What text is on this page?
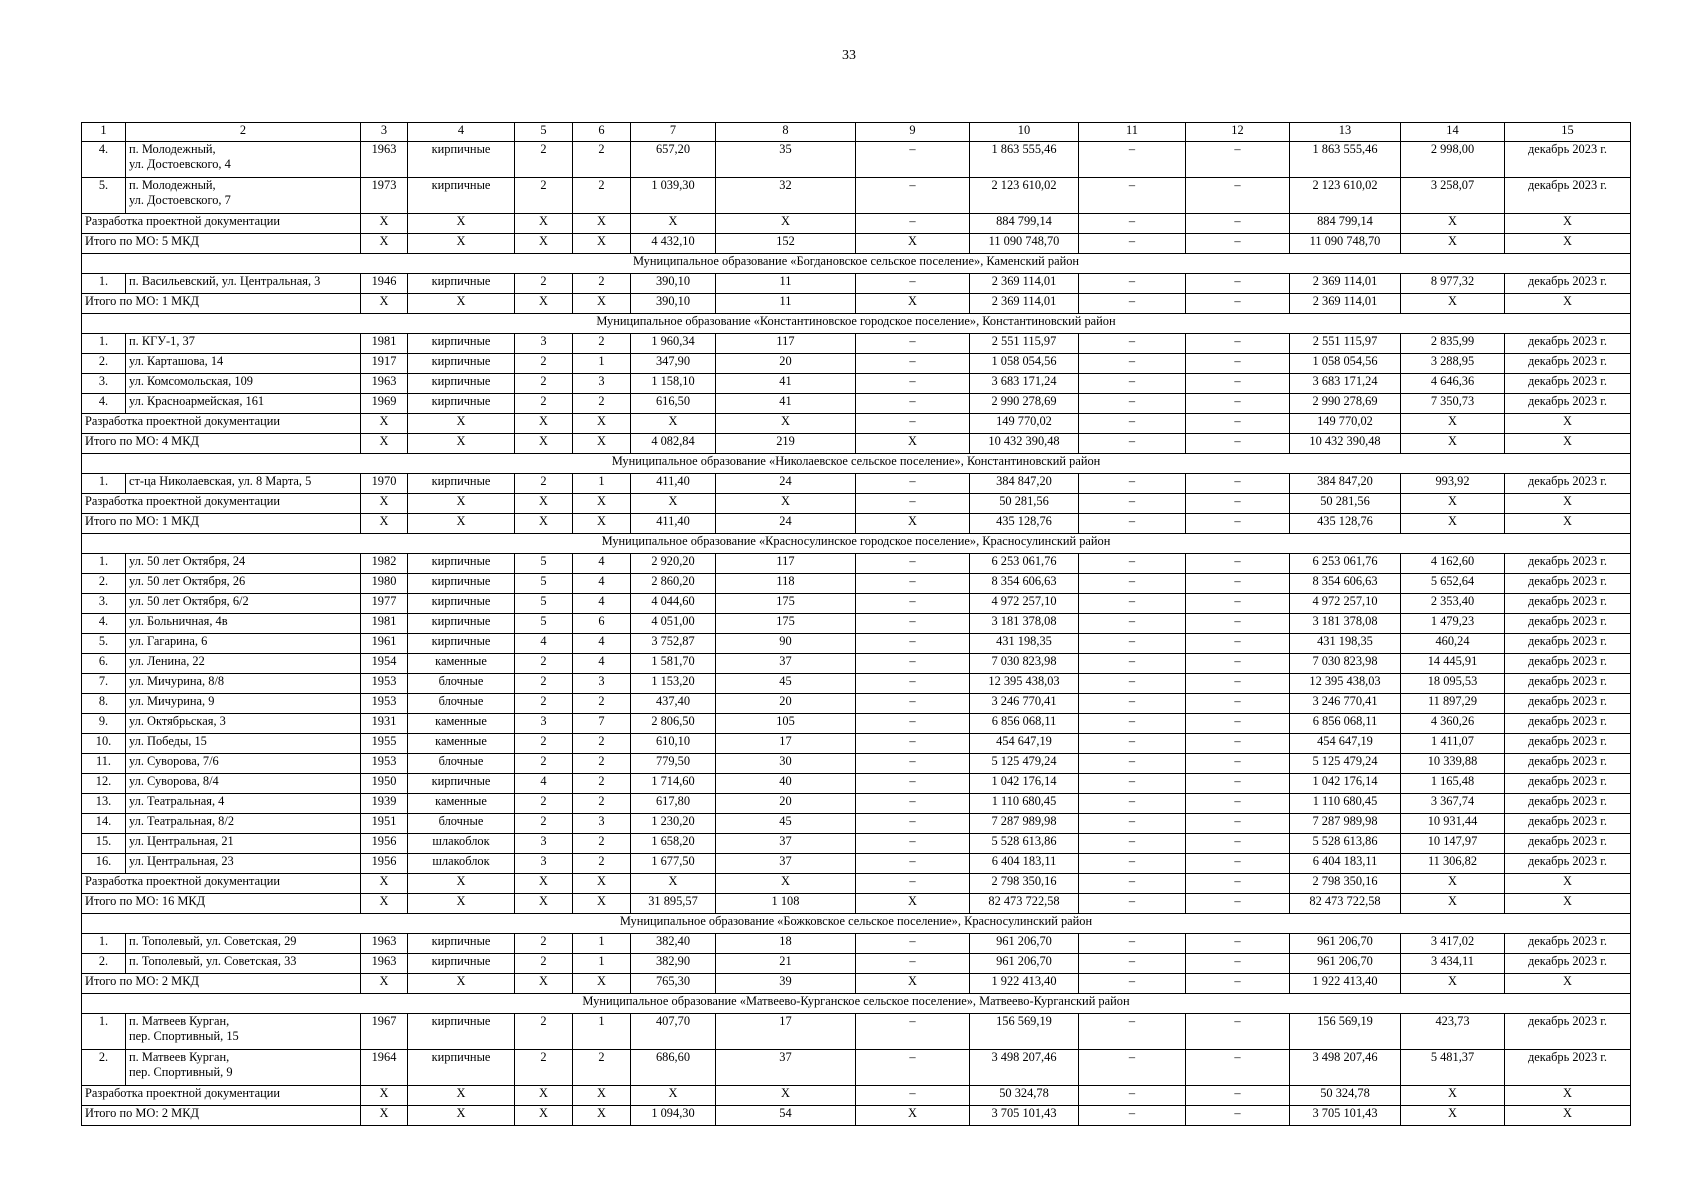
33
1	2	3	4	5	6	7	8	9	10	11	12	13	14	15
4.	п. Молодежный,
ул. Достоевского, 4	1963	кирпичные	2	2	657,20	35	–	1 863 555,46	–	–	1 863 555,46	2 998,00	декабрь 2023 г.
5.	п. Молодежный,
ул. Достоевского, 7	1973	кирпичные	2	2	1 039,30	32	–	2 123 610,02	–	–	2 123 610,02	3 258,07	декабрь 2023 г.
Разработка проектной документации		Х	Х	Х	Х	Х	Х	–	884 799,14	–	–	884 799,14	Х	Х
Итого по МО: 5 МКД		Х	Х	Х	Х	4 432,10	152	Х	11 090 748,70	–	–	11 090 748,70	Х	Х
Муниципальное образование «Богдановское сельское поселение», Каменский район														
1.	п. Васильевский, ул. Центральная, 3	1946	кирпичные	2	2	390,10	11	–	2 369 114,01	–	–	2 369 114,01	8 977,32	декабрь 2023 г.
Итого по МО: 1 МКД		Х	Х	Х	Х	390,10	11	Х	2 369 114,01	–	–	2 369 114,01	Х	Х
Муниципальное образование «Константиновское городское поселение», Константиновский район														
1.	п. КГУ-1, 37	1981	кирпичные	3	2	1 960,34	117	–	2 551 115,97	–	–	2 551 115,97	2 835,99	декабрь 2023 г.
2.	ул. Карташова, 14	1917	кирпичные	2	1	347,90	20	–	1 058 054,56	–	–	1 058 054,56	3 288,95	декабрь 2023 г.
3.	ул. Комсомольская, 109	1963	кирпичные	2	3	1 158,10	41	–	3 683 171,24	–	–	3 683 171,24	4 646,36	декабрь 2023 г.
4.	ул. Красноармейская, 161	1969	кирпичные	2	2	616,50	41	–	2 990 278,69	–	–	2 990 278,69	7 350,73	декабрь 2023 г.
Разработка проектной документации		Х	Х	Х	Х	Х	Х	–	149 770,02	–	–	149 770,02	Х	Х
Итого по МО: 4 МКД		Х	Х	Х	Х	4 082,84	219	Х	10 432 390,48	–	–	10 432 390,48	Х	Х
Муниципальное образование «Николаевское сельское поселение», Константиновский район														
1.	ст-ца Николаевская, ул. 8 Марта, 5	1970	кирпичные	2	1	411,40	24	–	384 847,20	–	–	384 847,20	993,92	декабрь 2023 г.
Разработка проектной документации		Х	Х	Х	Х	Х	Х	–	50 281,56	–	–	50 281,56	Х	Х
Итого по МО: 1 МКД		Х	Х	Х	Х	411,40	24	Х	435 128,76	–	–	435 128,76	Х	Х
Муниципальное образование «Красносулинское городское поселение», Красносулинский район														
1.	ул. 50 лет Октября, 24	1982	кирпичные	5	4	2 920,20	117	–	6 253 061,76	–	–	6 253 061,76	4 162,60	декабрь 2023 г.
2.	ул. 50 лет Октября, 26	1980	кирпичные	5	4	2 860,20	118	–	8 354 606,63	–	–	8 354 606,63	5 652,64	декабрь 2023 г.
3.	ул. 50 лет Октября, 6/2	1977	кирпичные	5	4	4 044,60	175	–	4 972 257,10	–	–	4 972 257,10	2 353,40	декабрь 2023 г.
4.	ул. Больничная, 4в	1981	кирпичные	5	6	4 051,00	175	–	3 181 378,08	–	–	3 181 378,08	1 479,23	декабрь 2023 г.
5.	ул. Гагарина, 6	1961	кирпичные	4	4	3 752,87	90	–	431 198,35	–	–	431 198,35	460,24	декабрь 2023 г.
6.	ул. Ленина, 22	1954	каменные	2	4	1 581,70	37	–	7 030 823,98	–	–	7 030 823,98	14 445,91	декабрь 2023 г.
7.	ул. Мичурина, 8/8	1953	блочные	2	3	1 153,20	45	–	12 395 438,03	–	–	12 395 438,03	18 095,53	декабрь 2023 г.
8.	ул. Мичурина, 9	1953	блочные	2	2	437,40	20	–	3 246 770,41	–	–	3 246 770,41	11 897,29	декабрь 2023 г.
9.	ул. Октябрьская, 3	1931	каменные	3	7	2 806,50	105	–	6 856 068,11	–	–	6 856 068,11	4 360,26	декабрь 2023 г.
10.	ул. Победы, 15	1955	каменные	2	2	610,10	17	–	454 647,19	–	–	454 647,19	1 411,07	декабрь 2023 г.
11.	ул. Суворова, 7/6	1953	блочные	2	2	779,50	30	–	5 125 479,24	–	–	5 125 479,24	10 339,88	декабрь 2023 г.
12.	ул. Суворова, 8/4	1950	кирпичные	4	2	1 714,60	40	–	1 042 176,14	–	–	1 042 176,14	1 165,48	декабрь 2023 г.
13.	ул. Театральная, 4	1939	каменные	2	2	617,80	20	–	1 110 680,45	–	–	1 110 680,45	3 367,74	декабрь 2023 г.
14.	ул. Театральная, 8/2	1951	блочные	2	3	1 230,20	45	–	7 287 989,98	–	–	7 287 989,98	10 931,44	декабрь 2023 г.
15.	ул. Центральная, 21	1956	шлакоблок	3	2	1 658,20	37	–	5 528 613,86	–	–	5 528 613,86	10 147,97	декабрь 2023 г.
16.	ул. Центральная, 23	1956	шлакоблок	3	2	1 677,50	37	–	6 404 183,11	–	–	6 404 183,11	11 306,82	декабрь 2023 г.
Разработка проектной документации		Х	Х	Х	Х	Х	Х	–	2 798 350,16	–	–	2 798 350,16	Х	Х
Итого по МО: 16 МКД		Х	Х	Х	Х	31 895,57	1 108	Х	82 473 722,58	–	–	82 473 722,58	Х	Х
Муниципальное образование «Божковское сельское поселение», Красносулинский район														
1.	п. Тополевый, ул. Советская, 29	1963	кирпичные	2	1	382,40	18	–	961 206,70	–	–	961 206,70	3 417,02	декабрь 2023 г.
2.	п. Тополевый, ул. Советская, 33	1963	кирпичные	2	1	382,90	21	–	961 206,70	–	–	961 206,70	3 434,11	декабрь 2023 г.
Итого по МО: 2 МКД		Х	Х	Х	Х	765,30	39	Х	1 922 413,40	–	–	1 922 413,40	Х	Х
Муниципальное образование «Матвеево-Курганское сельское поселение», Матвеево-Курганский район														
1.	п. Матвеев Курган,
пер. Спортивный, 15	1967	кирпичные	2	1	407,70	17	–	156 569,19	–	–	156 569,19	423,73	декабрь 2023 г.
2.	п. Матвеев Курган,
пер. Спортивный, 9	1964	кирпичные	2	2	686,60	37	–	3 498 207,46	–	–	3 498 207,46	5 481,37	декабрь 2023 г.
Разработка проектной документации		Х	Х	Х	Х	Х	Х	–	50 324,78	–	–	50 324,78	Х	Х
Итого по МО: 2 МКД		Х	Х	Х	Х	1 094,30	54	Х	3 705 101,43	–	–	3 705 101,43	Х	Х
